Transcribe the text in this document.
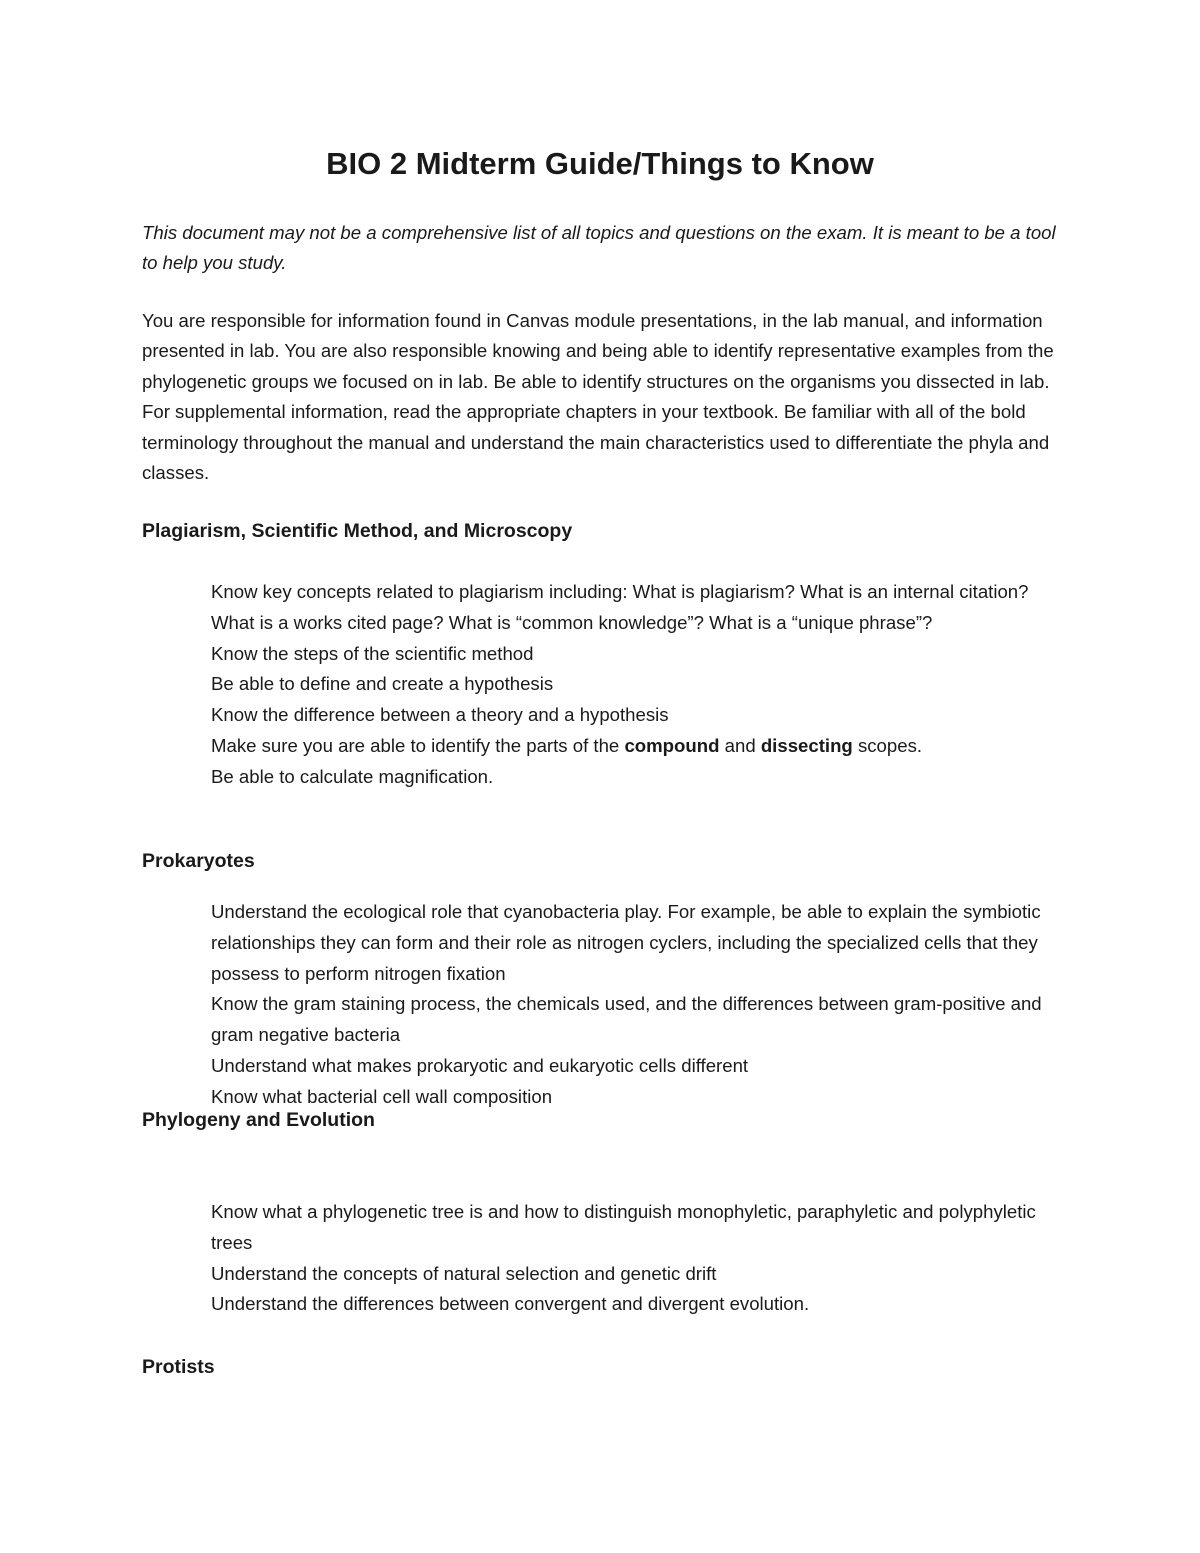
BIO 2 Midterm Guide/Things to Know

This document may not be a comprehensive list of all topics and questions on the exam. It is meant to be a tool to help you study.

You are responsible for information found in Canvas module presentations, in the lab manual, and information presented in lab. You are also responsible knowing and being able to identify representative examples from the phylogenetic groups we focused on in lab. Be able to identify structures on the organisms you dissected in lab. For supplemental information, read the appropriate chapters in your textbook. Be familiar with all of the bold terminology throughout the manual and understand the main characteristics used to differentiate the phyla and classes.

Plagiarism, Scientific Method, and Microscopy
Know key concepts related to plagiarism including: What is plagiarism? What is an internal citation? What is a works cited page? What is “common knowledge”? What is a “unique phrase”?
Know the steps of the scientific method
Be able to define and create a hypothesis
Know the difference between a theory and a hypothesis
Make sure you are able to identify the parts of the compound and dissecting scopes.
Be able to calculate magnification.
Prokaryotes
Understand the ecological role that cyanobacteria play. For example, be able to explain the symbiotic relationships they can form and their role as nitrogen cyclers, including the specialized cells that they possess to perform nitrogen fixation
Know the gram staining process, the chemicals used, and the differences between gram-positive and gram negative bacteria
Understand what makes prokaryotic and eukaryotic cells different
Know what bacterial cell wall composition
Phylogeny and Evolution
Know what a phylogenetic tree is and how to distinguish monophyletic, paraphyletic and polyphyletic trees
Understand the concepts of natural selection and genetic drift
Understand the differences between convergent and divergent evolution.
Protists
